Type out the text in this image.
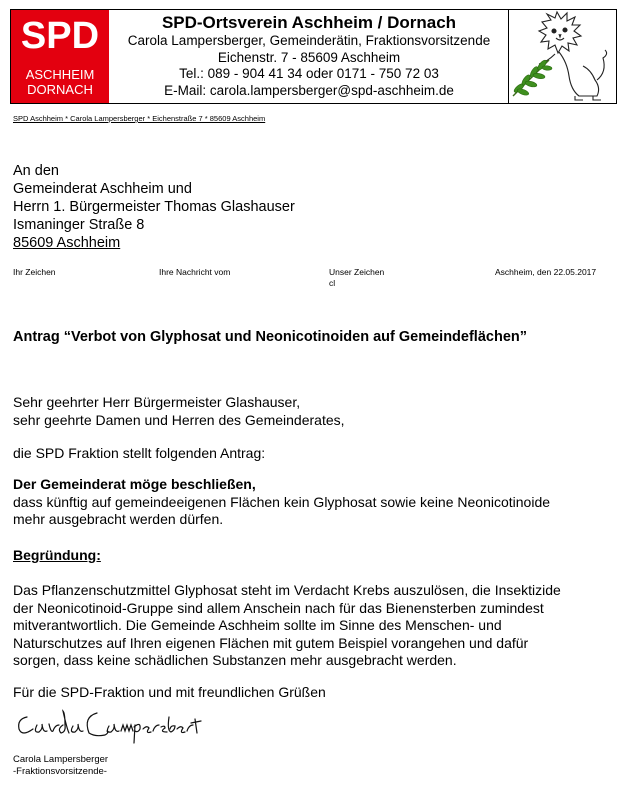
SPD
ASCHHEIM
DORNACH
SPD-Ortsverein Aschheim / Dornach
Carola Lampersberger, Gemeinderätin, Fraktionsvorsitzende
Eichenstr. 7 - 85609 Aschheim
Tel.: 089 - 904 41 34 oder 0171 - 750 72 03
E-Mail: carola.lampersberger@spd-aschheim.de
SPD Aschheim * Carola Lampersberger * Eichenstraße 7 * 85609 Aschheim
An den
Gemeinderat Aschheim und
Herrn 1. Bürgermeister Thomas Glashauser
Ismaninger Straße 8
85609 Aschheim
Ihr Zeichen	Ihre Nachricht vom	Unser Zeichen
cl
Aschheim, den 22.05.2017
Antrag “Verbot von Glyphosat und Neonicotinoiden auf Gemeindeflächen”
Sehr geehrter Herr Bürgermeister Glashauser,
sehr geehrte Damen und Herren des Gemeinderates,
die SPD Fraktion stellt folgenden Antrag:
Der Gemeinderat möge beschließen,
dass künftig auf gemeindeeigenen Flächen kein Glyphosat sowie keine Neonicotinoide
mehr ausgebracht werden dürfen.
Begründung:
Das Pflanzenschutzmittel Glyphosat steht im Verdacht Krebs auszulösen, die Insektizide
der Neonicotinoid-Gruppe sind allem Anschein nach für das Bienensterben zumindest
mitverantwortlich. Die Gemeinde Aschheim sollte im Sinne des Menschen- und
Naturschutzes auf Ihren eigenen Flächen mit gutem Beispiel vorangehen und dafür
sorgen, dass keine schädlichen Substanzen mehr ausgebracht werden.
Für die SPD-Fraktion und mit freundlichen Grüßen
Carola Lampersberger
-Fraktionsvorsitzende-
